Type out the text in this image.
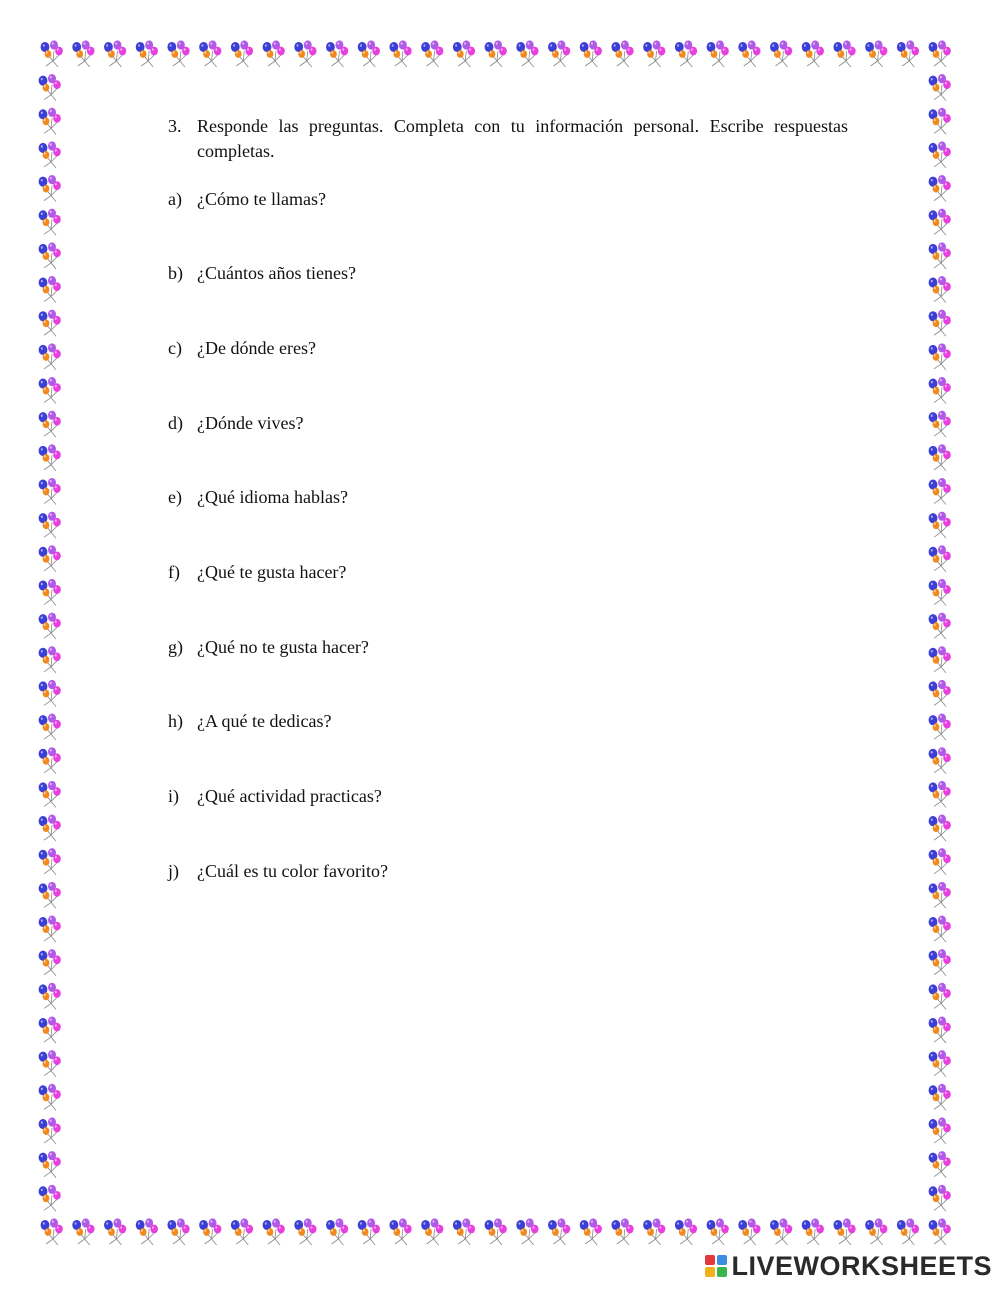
3. Responde las preguntas. Completa con tu información personal. Escribe respuestas completas.
a) ¿Cómo te llamas?
b) ¿Cuántos años tienes?
c) ¿De dónde eres?
d) ¿Dónde vives?
e) ¿Qué idioma hablas?
f) ¿Qué te gusta hacer?
g) ¿Qué no te gusta hacer?
h) ¿A qué te dedicas?
i) ¿Qué actividad practicas?
j) ¿Cuál es tu color favorito?
LIVEWORKSHEETS
